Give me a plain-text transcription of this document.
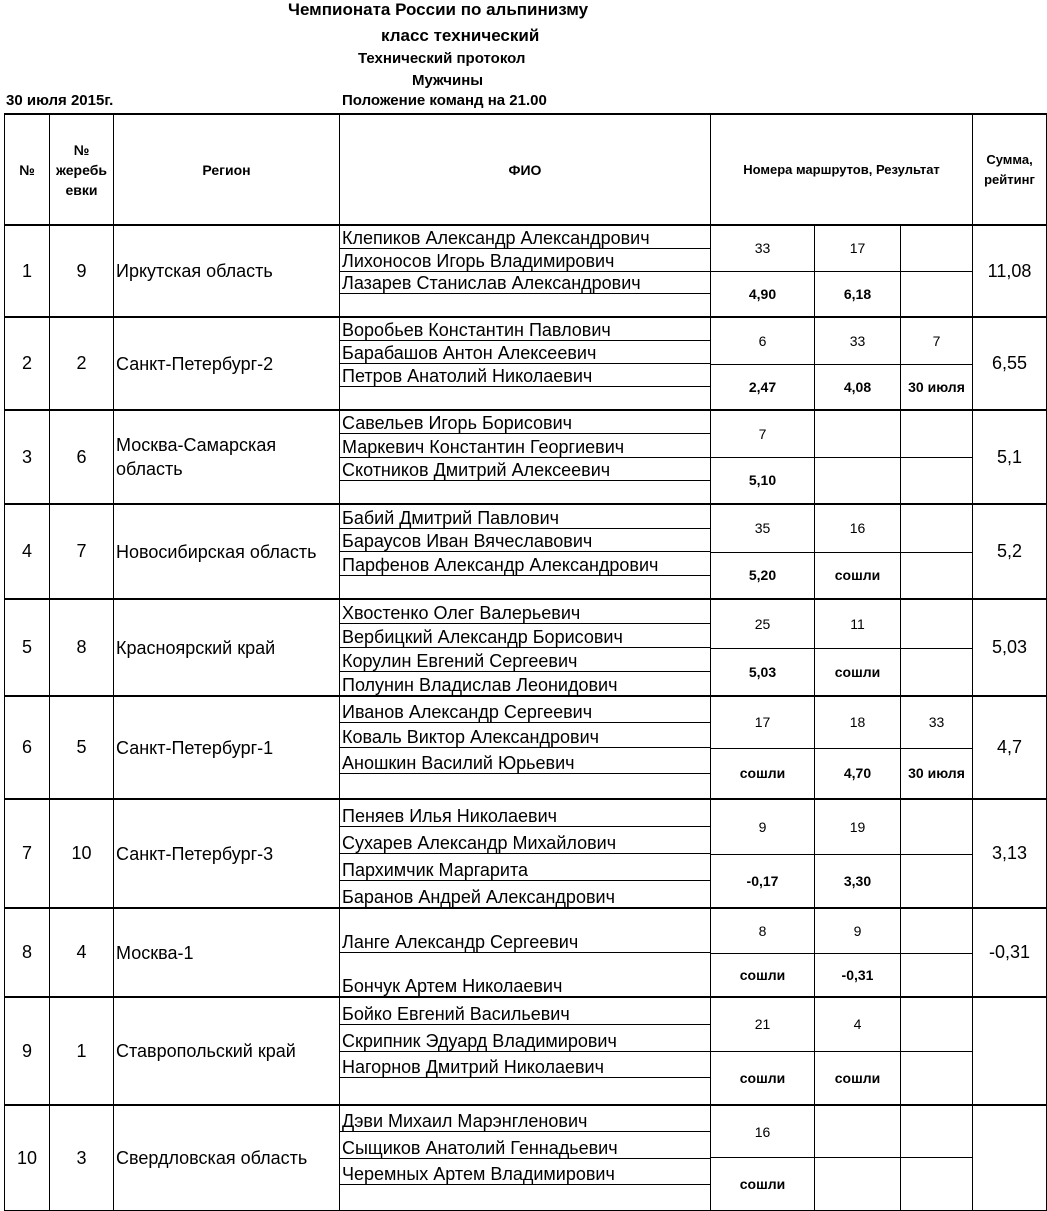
Чемпионата России по альпинизму
класс технический
Технический протокол
Мужчины
30 июля 2015г.	Положение команд на 21.00
№	№ жеребь евки	Регион	ФИО	Номера маршрутов, Результат			Сумма, рейтинг
1	9	Иркутская область	Клепиков Александр Александрович
Лихоносов Игорь Владимирович
Лазарев Станислав Александрович	33	17		11,08
				4,90	6,18		
2	2	Санкт-Петербург-2	Воробьев Константин Павлович
Барабашов Антон Алексеевич
Петров Анатолий Николаевич	6	33	7	6,55
				2,47	4,08	30 июля	
3	6	Москва-Самарская область	Савельев Игорь Борисович
Маркевич Константин Георгиевич
Скотников Дмитрий Алексеевич	7			5,1
				5,10			
4	7	Новосибирская область	Бабий Дмитрий Павлович
Бараусов Иван Вячеславович
Парфенов Александр Александрович	35	16		5,2
				5,20	сошли		
5	8	Красноярский край	Хвостенко Олег Валерьевич
Вербицкий Александр Борисович
Корулин Евгений Сергеевич
Полунин Владислав Леонидович	25	11		5,03
				5,03	сошли		
6	5	Санкт-Петербург-1	Иванов Александр Сергеевич
Коваль Виктор Александрович
Аношкин Василий Юрьевич	17	18	33	4,7
				сошли	4,70	30 июля	
7	10	Санкт-Петербург-3	Пеняев Илья Николаевич
Сухарев Александр Михайлович
Пархимчик Маргарита
Баранов Андрей Александрович	9	19		3,13
				-0,17	3,30		
8	4	Москва-1	Ланге Александр Сергеевич
Бончук Артем Николаевич	8	9		-0,31
				сошли	-0,31		
9	1	Ставропольский край	Бойко Евгений Васильевич
Скрипник Эдуард Владимирович
Нагорнов Дмитрий Николаевич	21	4		
				сошли	сошли		
10	3	Свердловская область	Дэви Михаил Марэнгленович
Сыщиков Анатолий Геннадьевич
Черемных Артем Владимирович	16			
				сошли			
